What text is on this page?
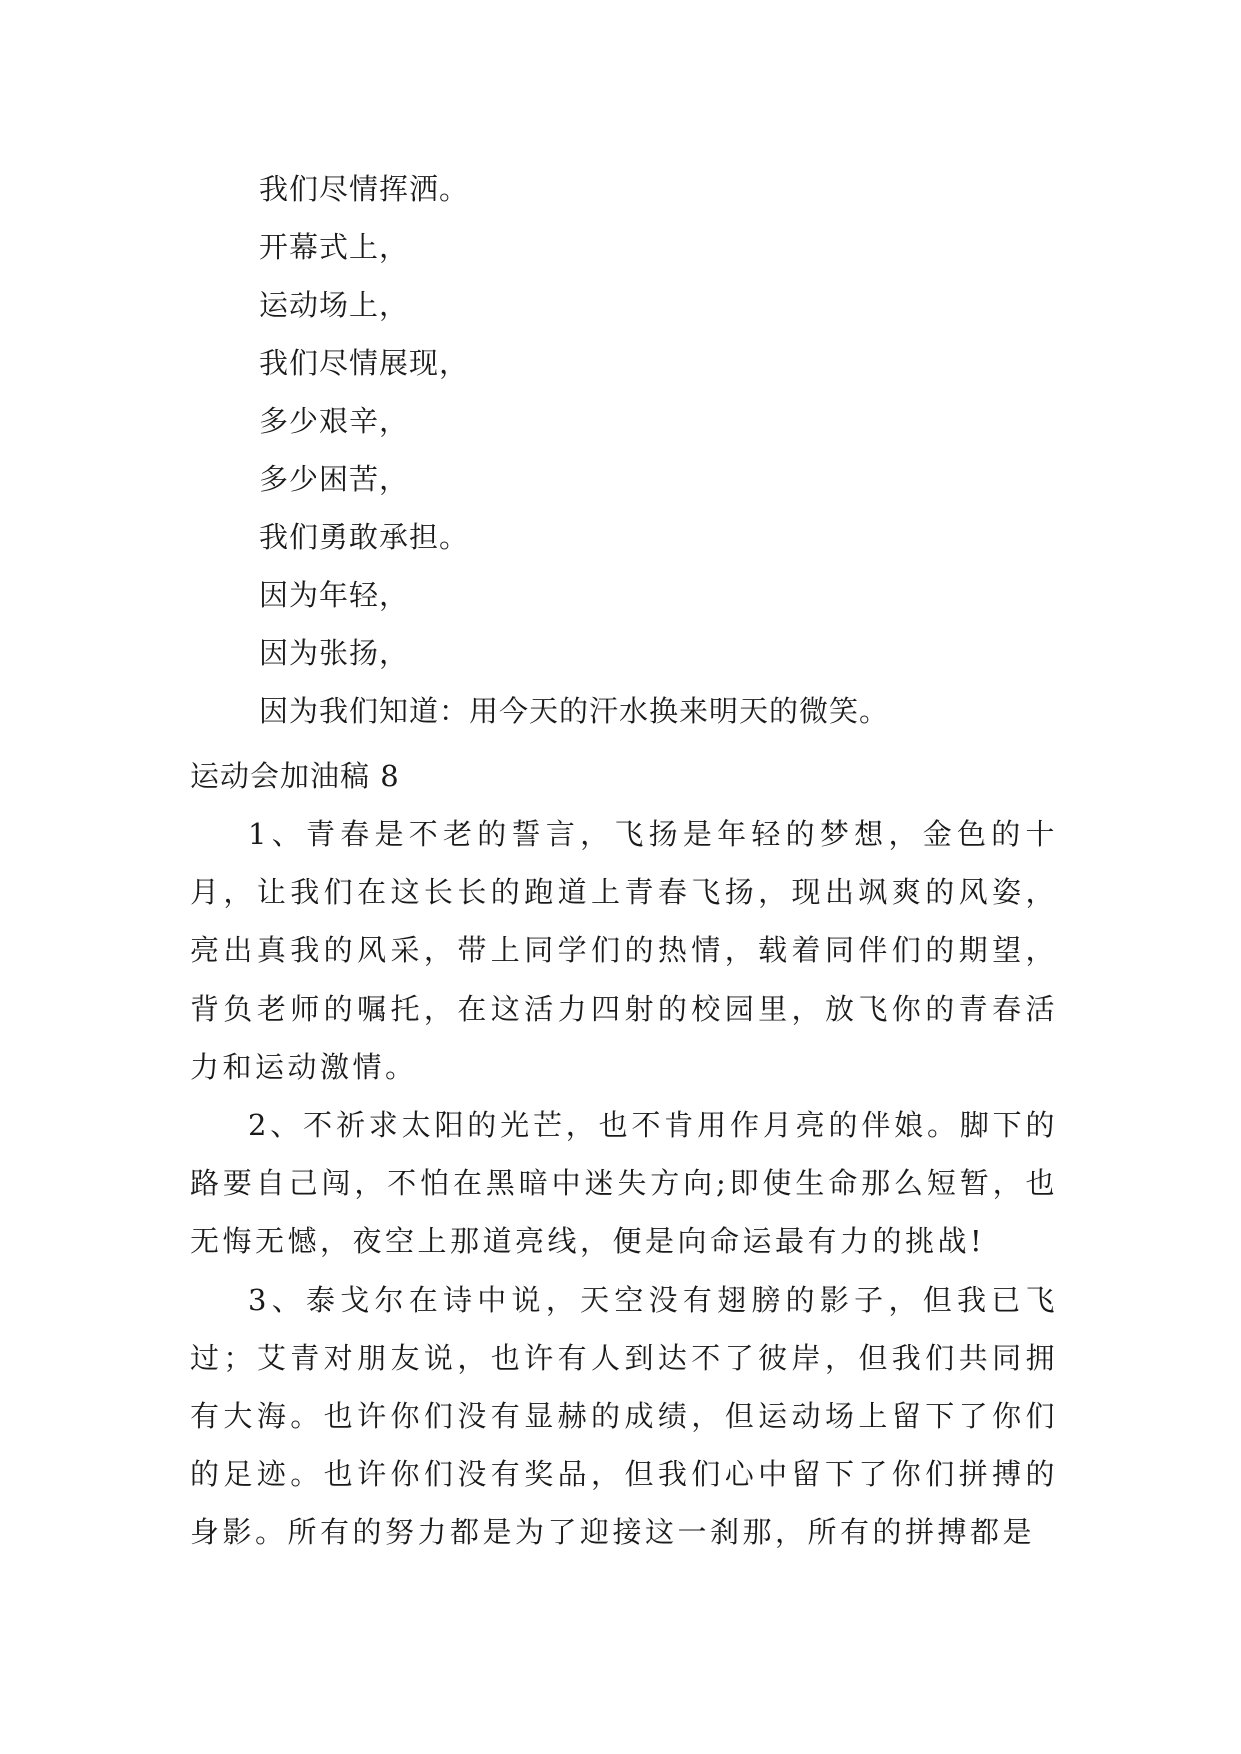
我们尽情挥洒。
开幕式上，
运动场上，
我们尽情展现，
多少艰辛，
多少困苦，
我们勇敢承担。
因为年轻，
因为张扬，
因为我们知道：用今天的汗水换来明天的微笑。
运动会加油稿 8

1、青春是不老的誓言，飞扬是年轻的梦想，金色的十月，让我们在这长长的跑道上青春飞扬，现出飒爽的风姿，亮出真我的风采，带上同学们的热情，载着同伴们的期望，背负老师的嘱托，在这活力四射的校园里，放飞你的青春活力和运动激情。

2、不祈求太阳的光芒，也不肯用作月亮的伴娘。脚下的路要自己闯，不怕在黑暗中迷失方向;即使生命那么短暂，也无悔无憾，夜空上那道亮线，便是向命运最有力的挑战!

3、泰戈尔在诗中说，天空没有翅膀的影子，但我已飞过；艾青对朋友说，也许有人到达不了彼岸，但我们共同拥有大海。也许你们没有显赫的成绩，但运动场上留下了你们的足迹。也许你们没有奖品，但我们心中留下了你们拼搏的身影。所有的努力都是为了迎接这一刹那，所有的拼搏都是
